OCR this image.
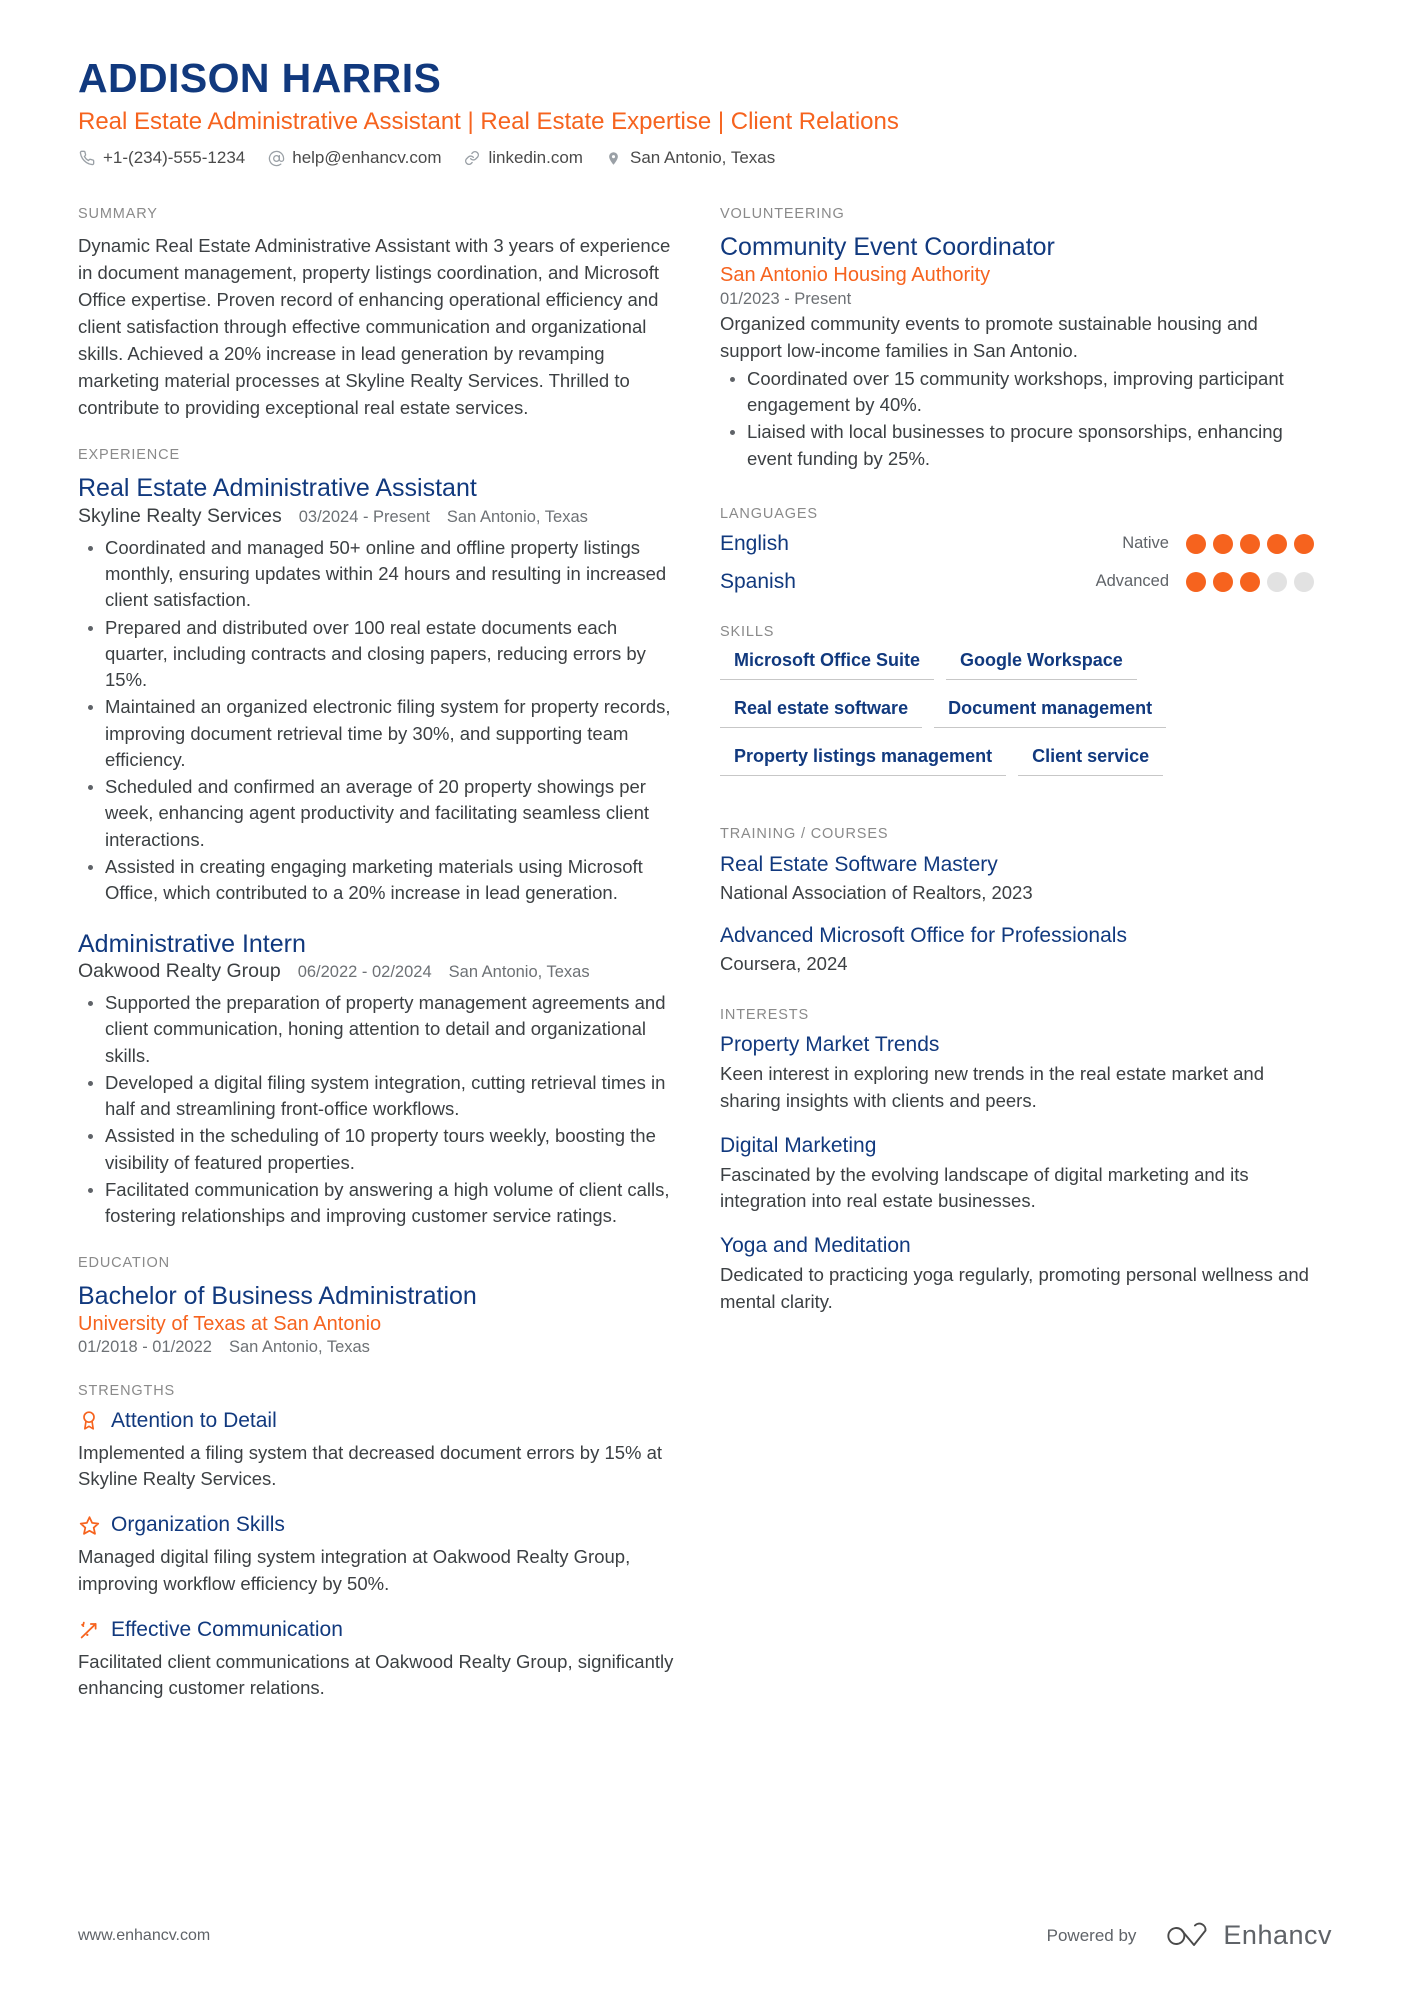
ADDISON HARRIS
Real Estate Administrative Assistant | Real Estate Expertise | Client Relations
+1-(234)-555-1234	help@enhancv.com	linkedin.com	San Antonio, Texas
SUMMARY

Dynamic Real Estate Administrative Assistant with 3 years of experience in document management, property listings coordination, and Microsoft Office expertise. Proven record of enhancing operational efficiency and client satisfaction through effective communication and organizational skills. Achieved a 20% increase in lead generation by revamping marketing material processes at Skyline Realty Services. Thrilled to contribute to providing exceptional real estate services.

EXPERIENCE
Real Estate Administrative Assistant
Skyline Realty Services 03/2024 - Present San Antonio, Texas
Coordinated and managed 50+ online and offline property listings monthly, ensuring updates within 24 hours and resulting in increased client satisfaction.
Prepared and distributed over 100 real estate documents each quarter, including contracts and closing papers, reducing errors by 15%.
Maintained an organized electronic filing system for property records, improving document retrieval time by 30%, and supporting team efficiency.
Scheduled and confirmed an average of 20 property showings per week, enhancing agent productivity and facilitating seamless client interactions.
Assisted in creating engaging marketing materials using Microsoft Office, which contributed to a 20% increase in lead generation.
Administrative Intern
Oakwood Realty Group 06/2022 - 02/2024 San Antonio, Texas
Supported the preparation of property management agreements and client communication, honing attention to detail and organizational skills.
Developed a digital filing system integration, cutting retrieval times in half and streamlining front-office workflows.
Assisted in the scheduling of 10 property tours weekly, boosting the visibility of featured properties.
Facilitated communication by answering a high volume of client calls, fostering relationships and improving customer service ratings.
EDUCATION
Bachelor of Business Administration
University of Texas at San Antonio
01/2018 - 01/2022 San Antonio, Texas
STRENGTHS
Attention to Detail

Implemented a filing system that decreased document errors by 15% at Skyline Realty Services.

Organization Skills

Managed digital filing system integration at Oakwood Realty Group, improving workflow efficiency by 50%.

Effective Communication

Facilitated client communications at Oakwood Realty Group, significantly enhancing customer relations.

VOLUNTEERING
Community Event Coordinator
San Antonio Housing Authority
01/2023 - Present

Organized community events to promote sustainable housing and support low-income families in San Antonio.

Coordinated over 15 community workshops, improving participant engagement by 40%.
Liaised with local businesses to procure sponsorships, enhancing event funding by 25%.
LANGUAGES
English	Native
Spanish	Advanced
SKILLS
Microsoft Office Suite	Google Workspace
Real estate software	Document management
Property listings management	Client service
TRAINING / COURSES
Real Estate Software Mastery

National Association of Realtors, 2023

Advanced Microsoft Office for Professionals

Coursera, 2024

INTERESTS
Property Market Trends

Keen interest in exploring new trends in the real estate market and sharing insights with clients and peers.

Digital Marketing

Fascinated by the evolving landscape of digital marketing and its integration into real estate businesses.

Yoga and Meditation

Dedicated to practicing yoga regularly, promoting personal wellness and mental clarity.

www.enhancv.com	Powered by	Enhancv
